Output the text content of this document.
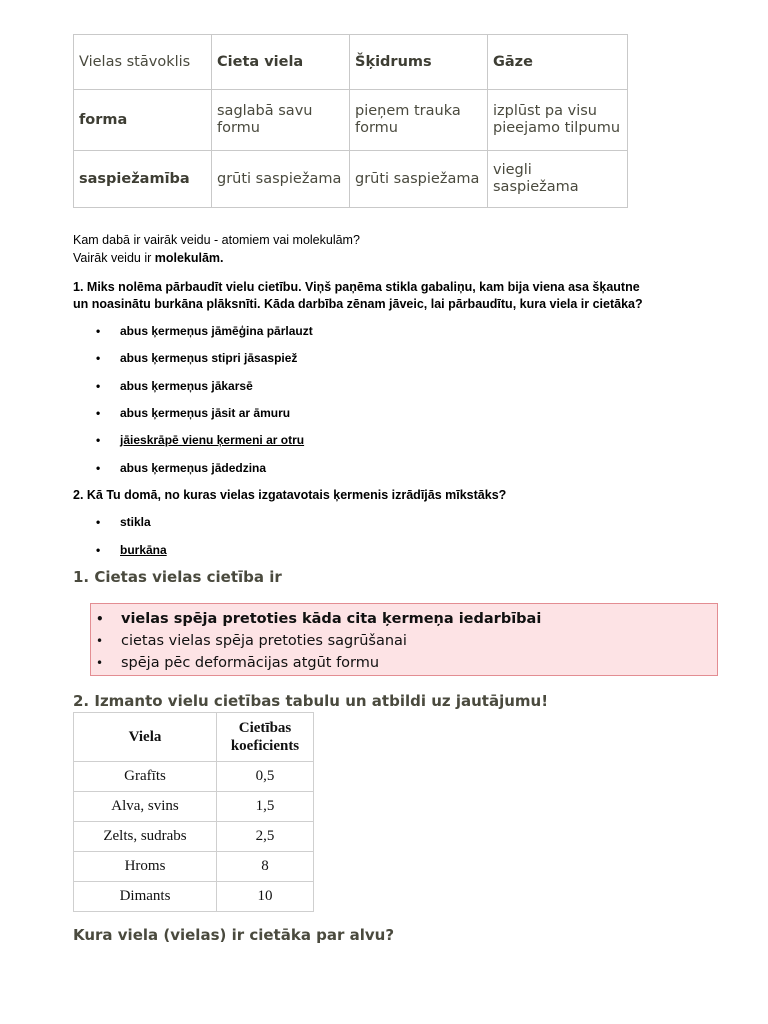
Vielas stāvoklis	Cieta viela	Šķidrums	Gāze
forma	saglabā savu formu	pieņem trauka formu	izplūst pa visu pieejamo tilpumu
saspiežamība	grūti saspiežama	grūti saspiežama	viegli saspiežama
Kam dabā ir vairāk veidu - atomiem vai molekulām?
Vairāk veidu ir molekulām.
1. Miks nolēma pārbaudīt vielu cietību. Viņš paņēma stikla gabaliņu, kam bija viena asa šķautne
un noasinātu burkāna plāksnīti. Kāda darbība zēnam jāveic, lai pārbaudītu, kura viela ir cietāka?
• abus ķermeņus jāmēģina pārlauzt
• abus ķermeņus stipri jāsaspiež
• abus ķermeņus jākarsē
• abus ķermeņus jāsit ar āmuru
• jāieskrāpē vienu ķermeni ar otru
• abus ķermeņus jādedzina
2. Kā Tu domā, no kuras vielas izgatavotais ķermenis izrādījās mīkstāks?
• stikla
• burkāna
1. Cietas vielas cietība ir
• vielas spēja pretoties kāda cita ķermeņa iedarbībai
• cietas vielas spēja pretoties sagrūšanai
• spēja pēc deformācijas atgūt formu
2. Izmanto vielu cietības tabulu un atbildi uz jautājumu!
Viela	Cietības koeficients
Grafīts	0,5
Alva, svins	1,5
Zelts, sudrabs	2,5
Hroms	8
Dimants	10
Kura viela (vielas) ir cietāka par alvu?
